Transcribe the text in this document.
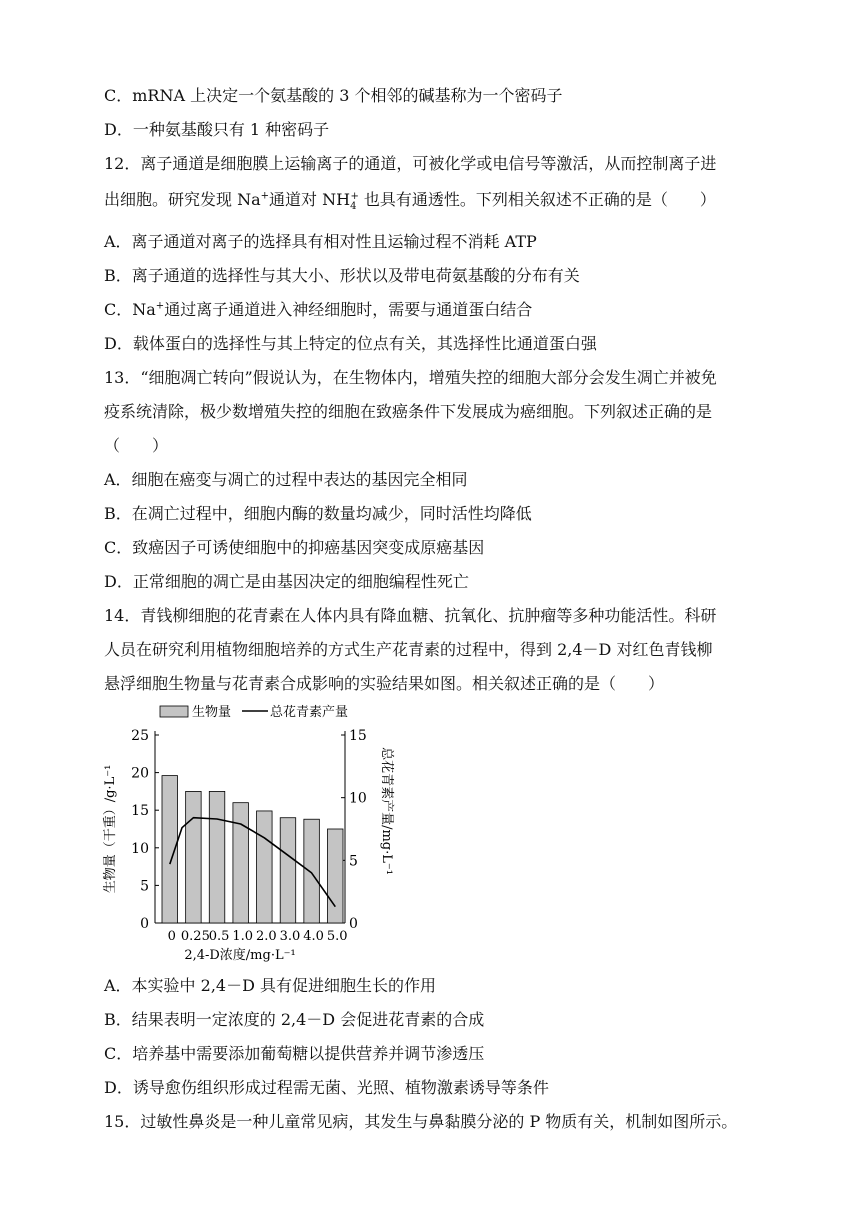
C．mRNA 上决定一个氨基酸的 3 个相邻的碱基称为一个密码子
D．一种氨基酸只有 1 种密码子
12．离子通道是细胞膜上运输离子的通道，可被化学或电信号等激活，从而控制离子进
出细胞。研究发现 Na+通道对 $NH_4^+$ 也具有通透性。下列相关叙述不正确的是（　　）
A．离子通道对离子的选择具有相对性且运输过程不消耗 ATP
B．离子通道的选择性与其大小、形状以及带电荷氨基酸的分布有关
C．Na+通过离子通道进入神经细胞时，需要与通道蛋白结合
D．载体蛋白的选择性与其上特定的位点有关，其选择性比通道蛋白强
13．“细胞凋亡转向”假说认为，在生物体内，增殖失控的细胞大部分会发生凋亡并被免
疫系统清除，极少数增殖失控的细胞在致癌条件下发展成为癌细胞。下列叙述正确的是
（　　）
A．细胞在癌变与凋亡的过程中表达的基因完全相同
B．在凋亡过程中，细胞内酶的数量均减少，同时活性均降低
C．致癌因子可诱使细胞中的抑癌基因突变成原癌基因
D．正常细胞的凋亡是由基因决定的细胞编程性死亡
14．青钱柳细胞的花青素在人体内具有降血糖、抗氧化、抗肿瘤等多种功能活性。科研
人员在研究利用植物细胞培养的方式生产花青素的过程中，得到 2,4－D 对红色青钱柳
悬浮细胞生物量与花青素合成影响的实验结果如图。相关叙述正确的是（　　）
A．本实验中 2,4－D 具有促进细胞生长的作用
B．结果表明一定浓度的 2,4－D 会促进花青素的合成
C．培养基中需要添加葡萄糖以提供营养并调节渗透压
D．诱导愈伤组织形成过程需无菌、光照、植物激素诱导等条件
15．过敏性鼻炎是一种儿童常见病，其发生与鼻黏膜分泌的 P 物质有关，机制如图所示。
0
5
10
15
20
25
0
5
10
15
0 0.25
0.5 1.0 2.0 3.0 4.0 5.0
2,4-D浓度/mg·L⁻¹
生物量（干重）/g·L⁻¹	总花青素产量/mg·L⁻¹
生物量	总花青素产量
